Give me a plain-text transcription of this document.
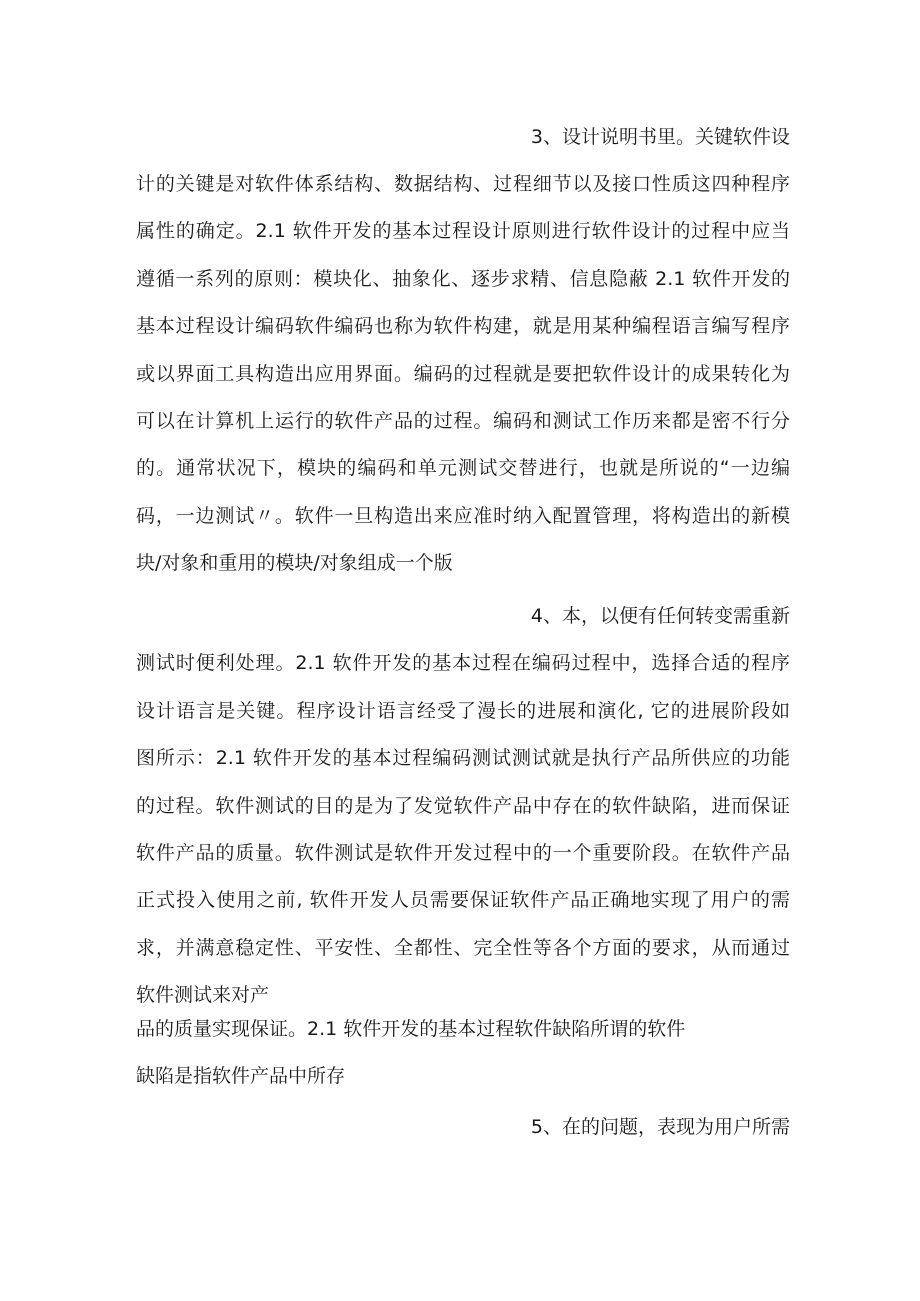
3、设计说明书里。关键软件设
计的关键是对软件体系结构、数据结构、过程细节以及接口性质这四种程序
属性的确定。2.1 软件开发的基本过程设计原则进行软件设计的过程中应当
遵循一系列的原则：模块化、抽象化、逐步求精、信息隐蔽 2.1 软件开发的
基本过程设计编码软件编码也称为软件构建，就是用某种编程语言编写程序
或以界面工具构造出应用界面。编码的过程就是要把软件设计的成果转化为
可以在计算机上运行的软件产品的过程。编码和测试工作历来都是密不行分
的。通常状况下，模块的编码和单元测试交替进行，也就是所说的“一边编
码，一边测试〃。软件一旦构造出来应准时纳入配置管理，将构造出的新模
块/对象和重用的模块/对象组成一个版
4、本，以便有任何转变需重新
测试时便利处理。2.1 软件开发的基本过程在编码过程中，选择合适的程序
设计语言是关键。程序设计语言经受了漫长的进展和演化, 它的进展阶段如
图所示：2.1 软件开发的基本过程编码测试测试就是执行产品所供应的功能
的过程。软件测试的目的是为了发觉软件产品中存在的软件缺陷，进而保证
软件产品的质量。软件测试是软件开发过程中的一个重要阶段。在软件产品
正式投入使用之前, 软件开发人员需要保证软件产品正确地实现了用户的需
求，并满意稳定性、平安性、全都性、完全性等各个方面的要求，从而通过
软件测试来对产
品的质量实现保证。2.1 软件开发的基本过程软件缺陷所谓的软件
缺陷是指软件产品中所存
5、在的问题，表现为用户所需
